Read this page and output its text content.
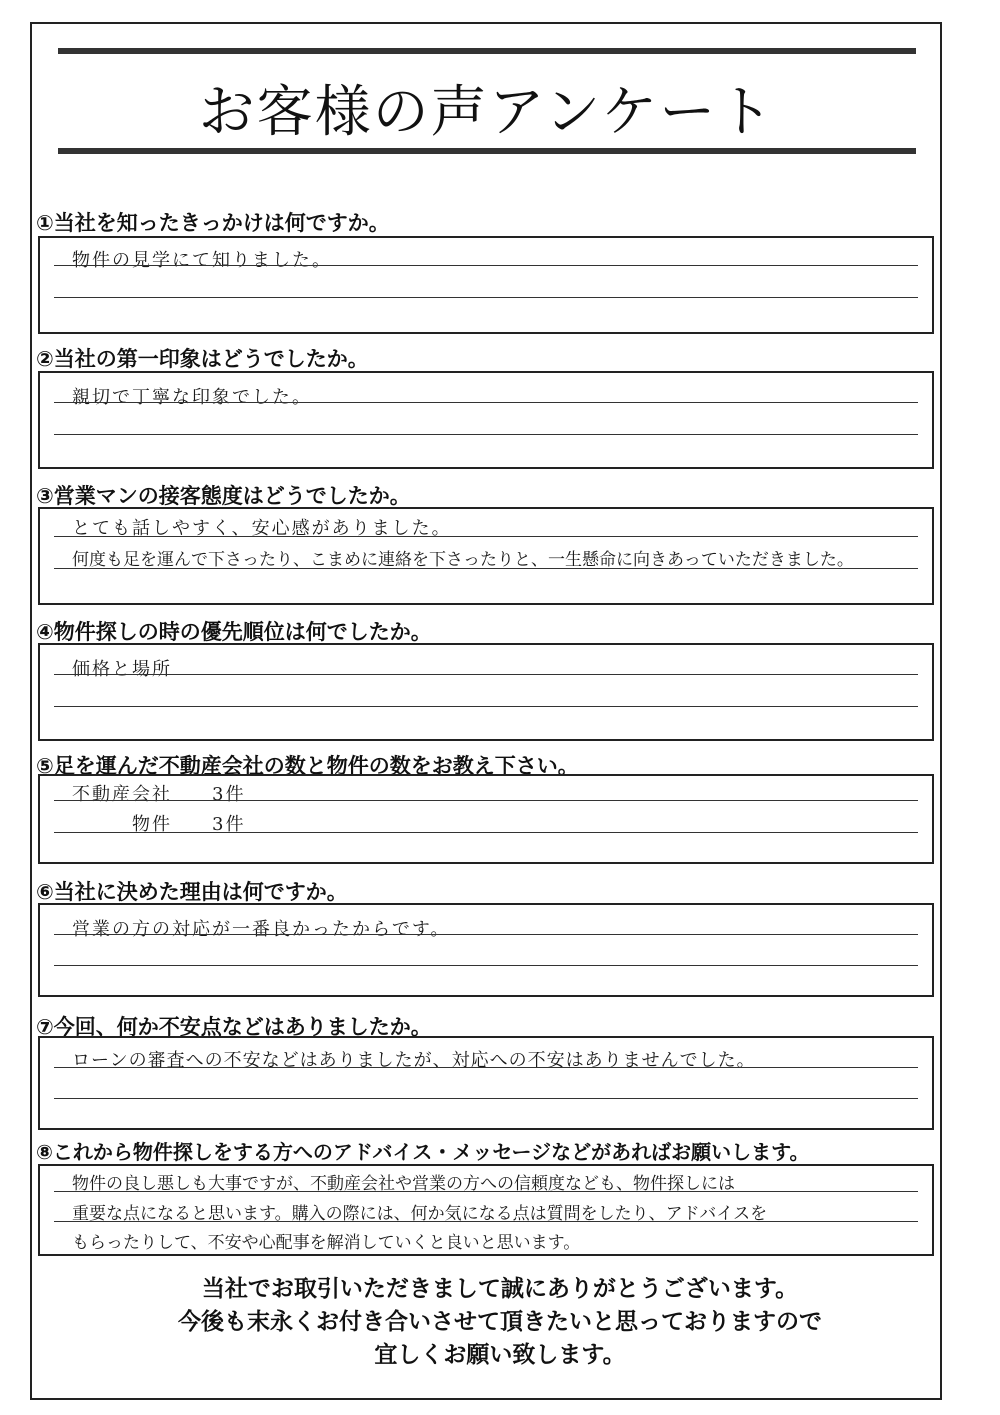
お客様の声アンケート
①当社を知ったきっかけは何ですか。
物件の見学にて知りました。
②当社の第一印象はどうでしたか。
親切で丁寧な印象でした。
③営業マンの接客態度はどうでしたか。
とても話しやすく、安心感がありました。
何度も足を運んで下さったり、こまめに連絡を下さったりと、一生懸命に向きあっていただきました。
④物件探しの時の優先順位は何でしたか。
価格と場所
⑤足を運んだ不動産会社の数と物件の数をお教え下さい。
不動産会社　　3件
　　　物件　　3件
⑥当社に決めた理由は何ですか。
営業の方の対応が一番良かったからです。
⑦今回、何か不安点などはありましたか。
ローンの審査への不安などはありましたが、対応への不安はありませんでした。
⑧これから物件探しをする方へのアドバイス・メッセージなどがあればお願いします。
物件の良し悪しも大事ですが、不動産会社や営業の方への信頼度なども、物件探しには
重要な点になると思います。購入の際には、何か気になる点は質問をしたり、アドバイスを
もらったりして、不安や心配事を解消していくと良いと思います。
当社でお取引いただきまして誠にありがとうございます。
今後も末永くお付き合いさせて頂きたいと思っておりますので
宜しくお願い致します。
